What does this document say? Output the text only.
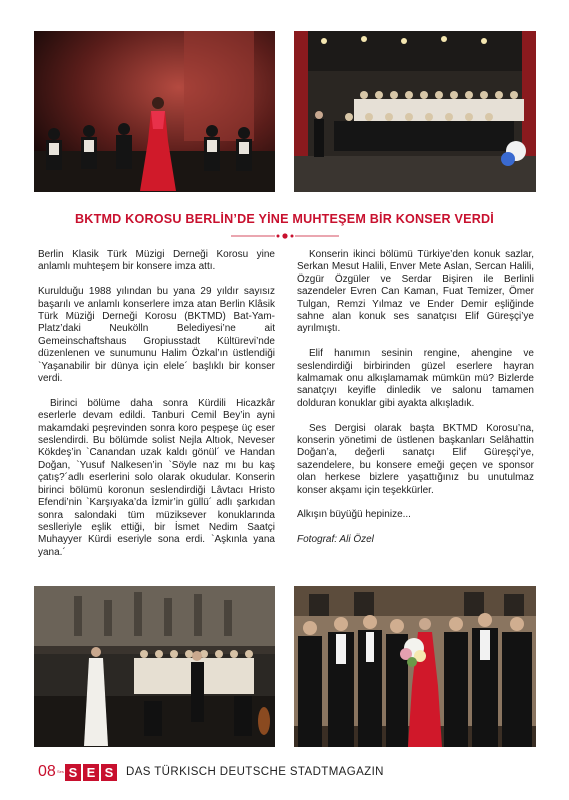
BKTMD KOROSU BERLİN’DE YİNE MUHTEŞEM BİR KONSER VERDİ

Berlin Klasik Türk Müzigi Derneği Korosu yine anlamlı muhteşem bir konsere imza attı.

Kurulduğu 1988 yılından bu yana 29 yıldır sayısız başarılı ve anlamlı konserlere imza atan Berlin Klâsik Türk Müziği Derneği Korosu (BKTMD) Bat-Yam-Platz’daki Neukölln Belediyesi’ne ait Gemeinschaftshaus Gropiusstadt Kültürevi’nde düzenlenen ve sunumunu Halim Özkal’ın üstlendiği `Yaşanabilir bir dünya için elele´ başlıklı bir konser verdi.

Birinci bölüme daha sonra Kürdili Hicazkâr eserlerle devam edildi. Tanburi Cemil Bey’in ayni makamdaki peşrevinden sonra koro peşpeşe üç eser seslendirdi. Bu bölümde solist Nejla Altıok, Neveser Kökdeş’in `Canandan uzak kaldı gönül´ ve Handan Doğan, `Yusuf Nalkesen’in `Söyle naz mı bu kaş çatış?´adlı eserlerini solo olarak okudular. Konserin birinci bölümü koronun seslendirdiği Lâvtacı Hristo Efendi’nin `Karşıyaka’da İzmir’in güllü´ adlı şarkıdan sonra salondaki tüm müziksever konuklarında seslleriyle eşlik ettiği, bir İsmet Nedim Saatçi Muhayyer Kürdi eseriyle sona erdi. `Aşkınla yana yana.´

Konserin ikinci bölümü Türkiye’den konuk sazlar, Serkan Mesut Halili, Enver Mete Aslan, Sercan Halili, Özgür Özgüler ve Serdar Bişiren ile Berlinli sazendeler Evren Can Kaman, Fuat Temizer, Ömer Tulgan, Remzi Yılmaz ve Ender Demir eşliğinde sahne alan konuk ses sanatçısı Elif Güreşçi’ye ayrılmıştı.

Elif hanımın sesinin rengine, ahengine ve seslendirdiği birbirinden güzel eserlere hayran kalmamak onu alkışlamamak mümkün mü? Bizlerde sanatçıyı keyifle dinledik ve salonu tamamen dolduran konuklar gibi ayakta alkışladık.

Ses Dergisi olarak başta BKTMD Korosu’na, konserin yönetimi de üstlenen başkanları Selâhattin Doğan’a, değerli sanatçı Elif Güreşçi’ye, sazendelere, bu konsere emeği geçen ve sponsor olan herkese bizlere yaşattığınız bu unutulmaz konser akşamı için teşekkürler.

Alkışın büyüğü hepinize...

Fotograf: Ali Özel

08 Ses S E S DAS TÜRKISCH DEUTSCHE STADTMAGAZIN
